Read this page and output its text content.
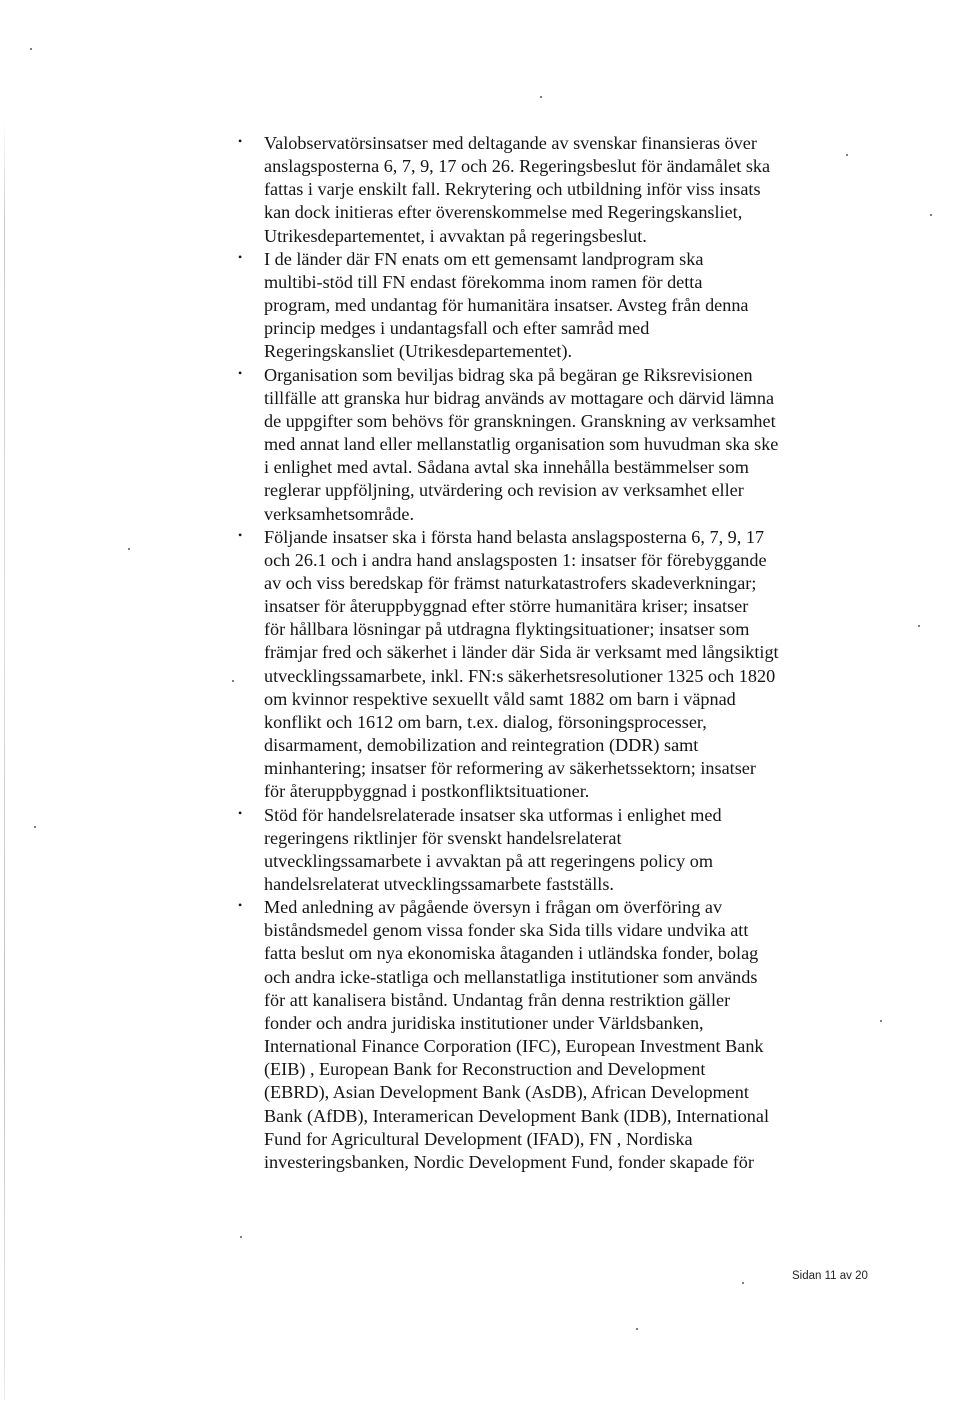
• Valobservatörsinsatser med deltagande av svenskar finansieras över
anslagsposterna 6, 7, 9, 17 och 26. Regeringsbeslut för ändamålet ska
fattas i varje enskilt fall. Rekrytering och utbildning inför viss insats
kan dock initieras efter överenskommelse med Regeringskansliet,
Utrikesdepartementet, i avvaktan på regeringsbeslut.
• I de länder där FN enats om ett gemensamt landprogram ska
multibi-stöd till FN endast förekomma inom ramen för detta
program, med undantag för humanitära insatser. Avsteg från denna
princip medges i undantagsfall och efter samråd med
Regeringskansliet (Utrikesdepartementet).
• Organisation som beviljas bidrag ska på begäran ge Riksrevisionen
tillfälle att granska hur bidrag används av mottagare och därvid lämna
de uppgifter som behövs för granskningen. Granskning av verksamhet
med annat land eller mellanstatlig organisation som huvudman ska ske
i enlighet med avtal. Sådana avtal ska innehålla bestämmelser som
reglerar uppföljning, utvärdering och revision av verksamhet eller
verksamhetsområde.
• Följande insatser ska i första hand belasta anslagsposterna 6, 7, 9, 17
och 26.1 och i andra hand anslagsposten 1: insatser för förebyggande
av och viss beredskap för främst naturkatastrofers skadeverkningar;
insatser för återuppbyggnad efter större humanitära kriser; insatser
för hållbara lösningar på utdragna flyktingsituationer; insatser som
främjar fred och säkerhet i länder där Sida är verksamt med långsiktigt
utvecklingssamarbete, inkl. FN:s säkerhetsresolutioner 1325 och 1820
om kvinnor respektive sexuellt våld samt 1882 om barn i väpnad
konflikt och 1612 om barn, t.ex. dialog, försoningsprocesser,
disarmament, demobilization and reintegration (DDR) samt
minhantering; insatser för reformering av säkerhetssektorn; insatser
för återuppbyggnad i postkonfliktsituationer.
• Stöd för handelsrelaterade insatser ska utformas i enlighet med
regeringens riktlinjer för svenskt handelsrelaterat
utvecklingssamarbete i avvaktan på att regeringens policy om
handelsrelaterat utvecklingssamarbete fastställs.
• Med anledning av pågående översyn i frågan om överföring av
biståndsmedel genom vissa fonder ska Sida tills vidare undvika att
fatta beslut om nya ekonomiska åtaganden i utländska fonder, bolag
och andra icke-statliga och mellanstatliga institutioner som används
för att kanalisera bistånd. Undantag från denna restriktion gäller
fonder och andra juridiska institutioner under Världsbanken,
International Finance Corporation (IFC), European Investment Bank
(EIB) , European Bank for Reconstruction and Development
(EBRD), Asian Development Bank (AsDB), African Development
Bank (AfDB), Interamerican Development Bank (IDB), International
Fund for Agricultural Development (IFAD), FN , Nordiska
investeringsbanken, Nordic Development Fund, fonder skapade för
Sidan 11 av 20
